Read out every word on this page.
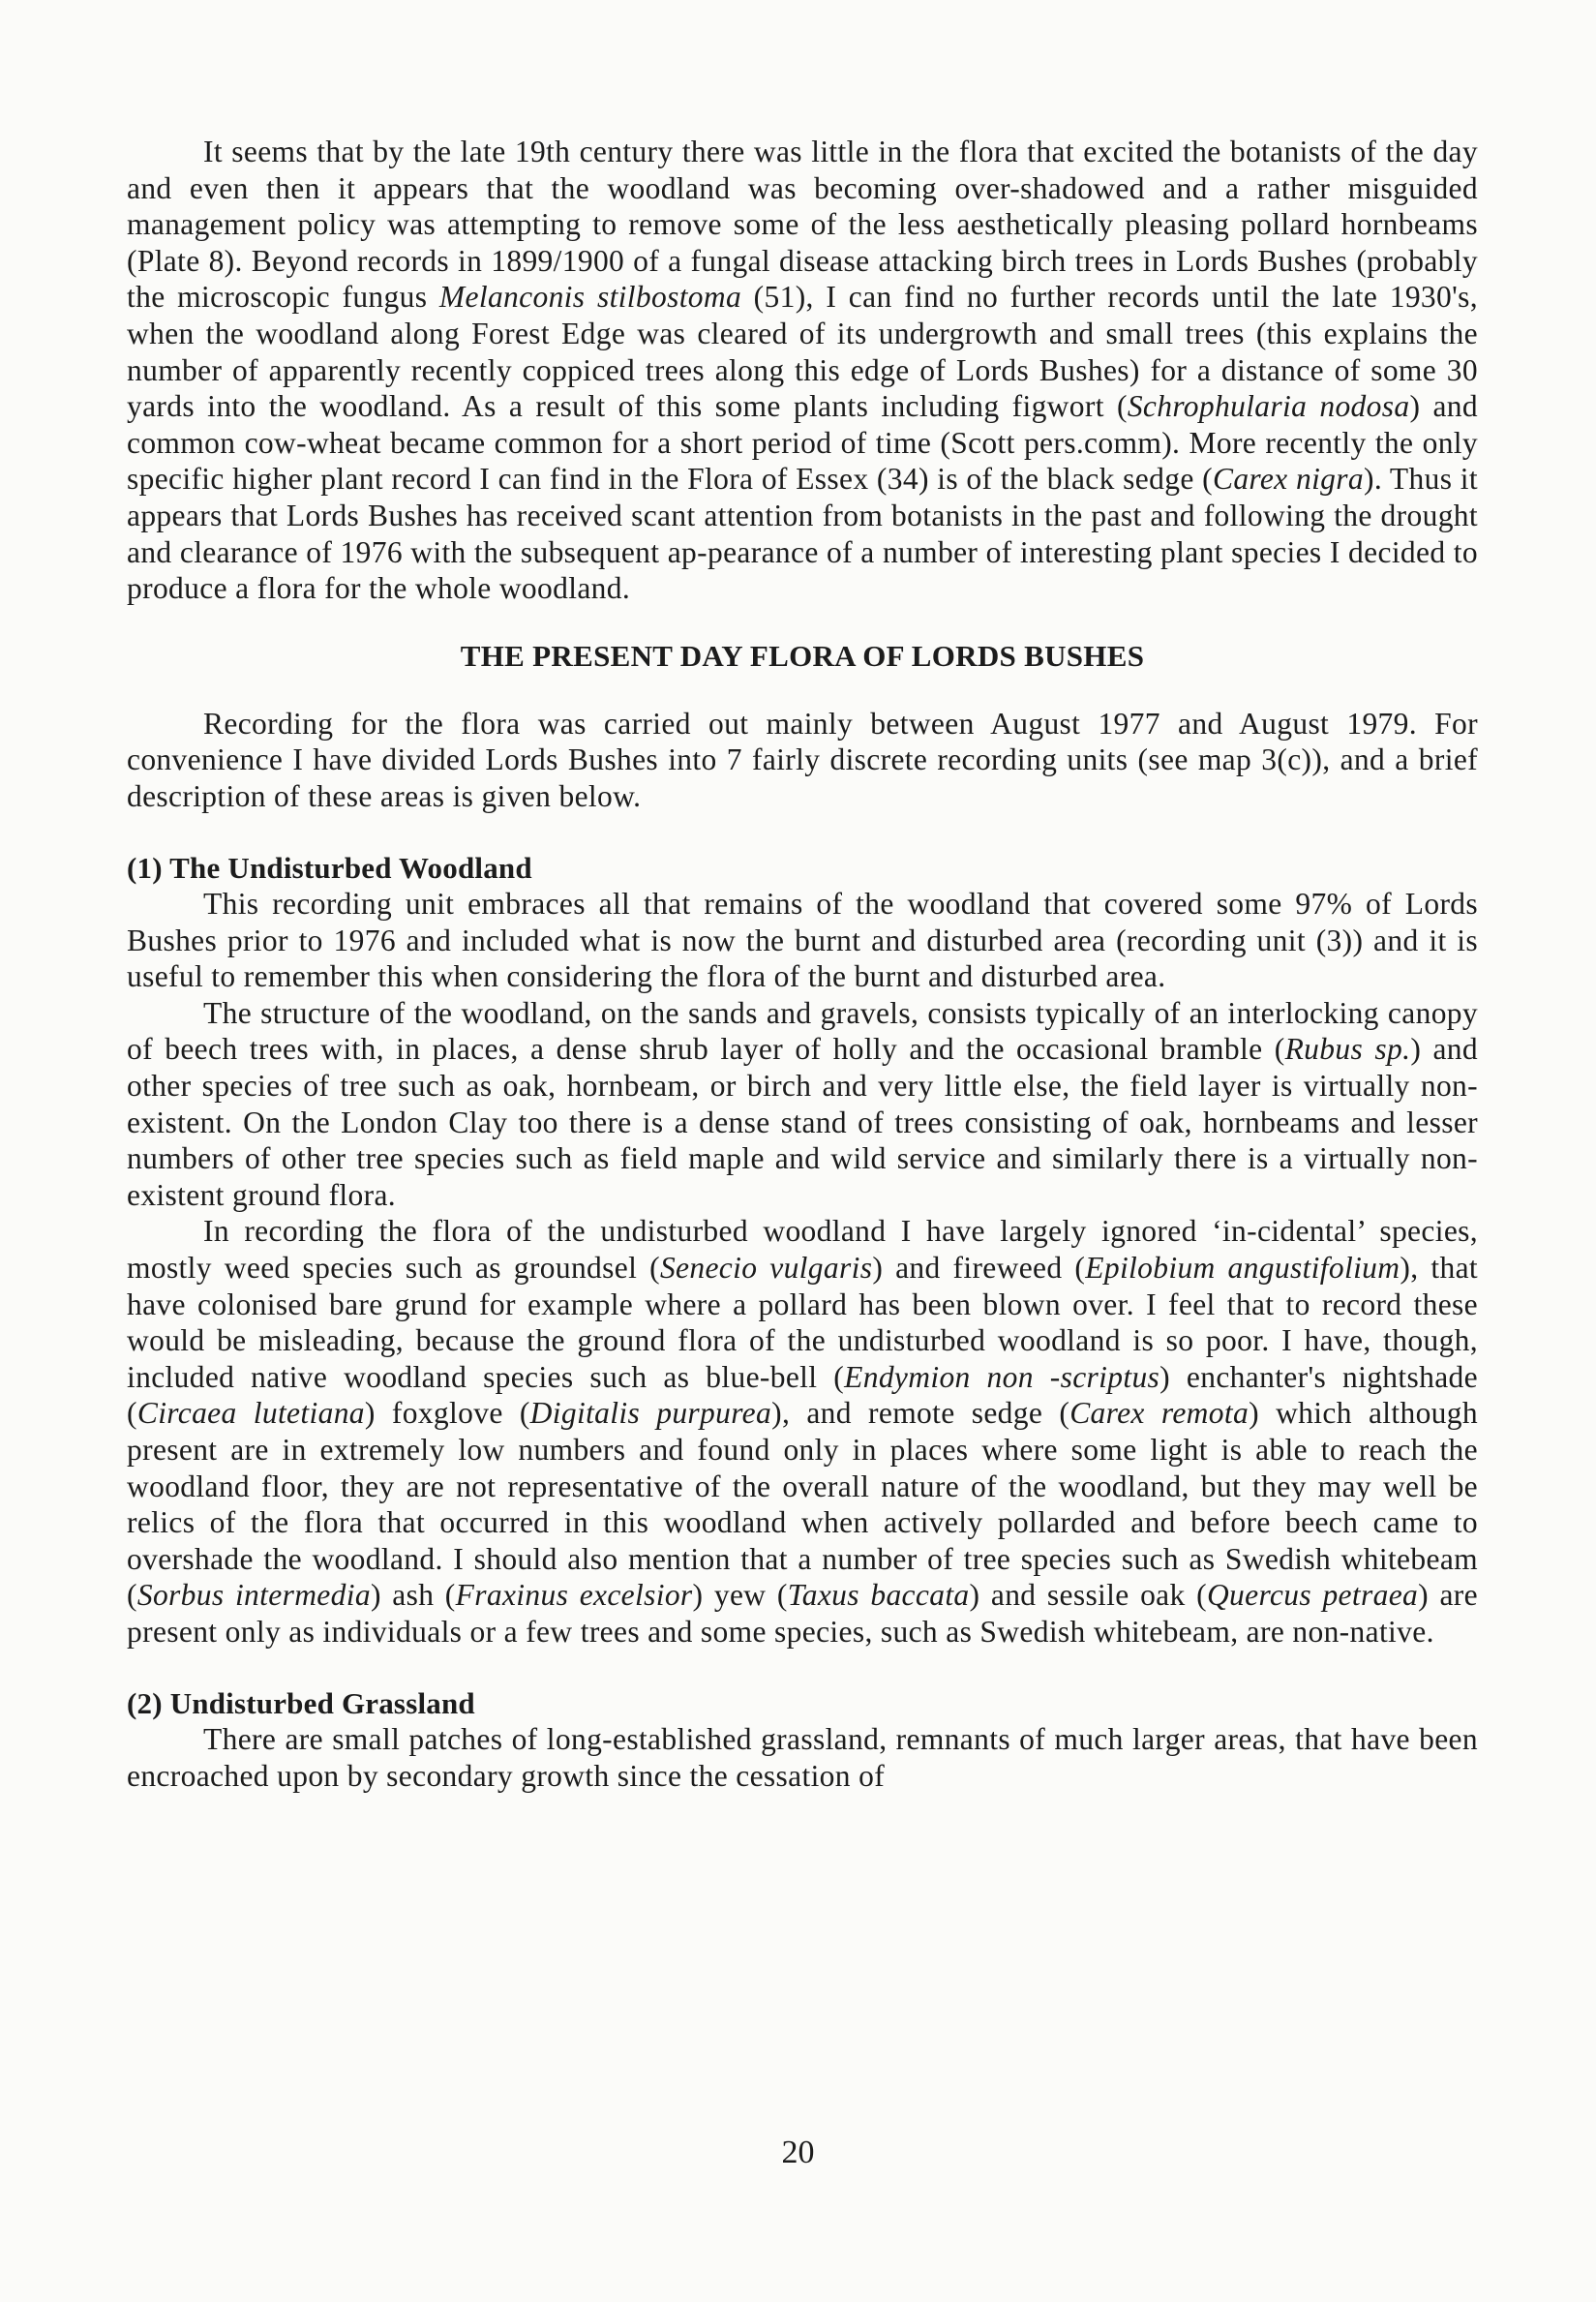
It seems that by the late 19th century there was little in the flora that excited the botanists of the day and even then it appears that the woodland was becoming over-shadowed and a rather misguided management policy was attempting to remove some of the less aesthetically pleasing pollard hornbeams (Plate 8). Beyond records in 1899/1900 of a fungal disease attacking birch trees in Lords Bushes (probably the microscopic fungus Melanconis stilbostoma (51), I can find no further records until the late 1930's, when the woodland along Forest Edge was cleared of its undergrowth and small trees (this explains the number of apparently recently coppiced trees along this edge of Lords Bushes) for a distance of some 30 yards into the woodland. As a result of this some plants including figwort (Schrophularia nodosa) and common cow-wheat became common for a short period of time (Scott pers.comm). More recently the only specific higher plant record I can find in the Flora of Essex (34) is of the black sedge (Carex nigra). Thus it appears that Lords Bushes has received scant attention from botanists in the past and following the drought and clearance of 1976 with the subsequent ap-pearance of a number of interesting plant species I decided to produce a flora for the whole woodland.

THE PRESENT DAY FLORA OF LORDS BUSHES

Recording for the flora was carried out mainly between August 1977 and August 1979. For convenience I have divided Lords Bushes into 7 fairly discrete recording units (see map 3(c)), and a brief description of these areas is given below.

(1) The Undisturbed Woodland

This recording unit embraces all that remains of the woodland that covered some 97% of Lords Bushes prior to 1976 and included what is now the burnt and disturbed area (recording unit (3)) and it is useful to remember this when considering the flora of the burnt and disturbed area.

The structure of the woodland, on the sands and gravels, consists typically of an interlocking canopy of beech trees with, in places, a dense shrub layer of holly and the occasional bramble (Rubus sp.) and other species of tree such as oak, hornbeam, or birch and very little else, the field layer is virtually non-existent. On the London Clay too there is a dense stand of trees consisting of oak, hornbeams and lesser numbers of other tree species such as field maple and wild service and similarly there is a virtually non-existent ground flora.

In recording the flora of the undisturbed woodland I have largely ignored ‘in-cidental’ species, mostly weed species such as groundsel (Senecio vulgaris) and fireweed (Epilobium angustifolium), that have colonised bare grund for example where a pollard has been blown over. I feel that to record these would be misleading, because the ground flora of the undisturbed woodland is so poor. I have, though, included native woodland species such as blue-bell (Endymion non -scriptus) enchanter's nightshade (Circaea lutetiana) foxglove (Digitalis purpurea), and remote sedge (Carex remota) which although present are in extremely low numbers and found only in places where some light is able to reach the woodland floor, they are not representative of the overall nature of the woodland, but they may well be relics of the flora that occurred in this woodland when actively pollarded and before beech came to overshade the woodland. I should also mention that a number of tree species such as Swedish whitebeam (Sorbus intermedia) ash (Fraxinus excelsior) yew (Taxus baccata) and sessile oak (Quercus petraea) are present only as individuals or a few trees and some species, such as Swedish whitebeam, are non-native.

(2) Undisturbed Grassland

There are small patches of long-established grassland, remnants of much larger areas, that have been encroached upon by secondary growth since the cessation of

20
